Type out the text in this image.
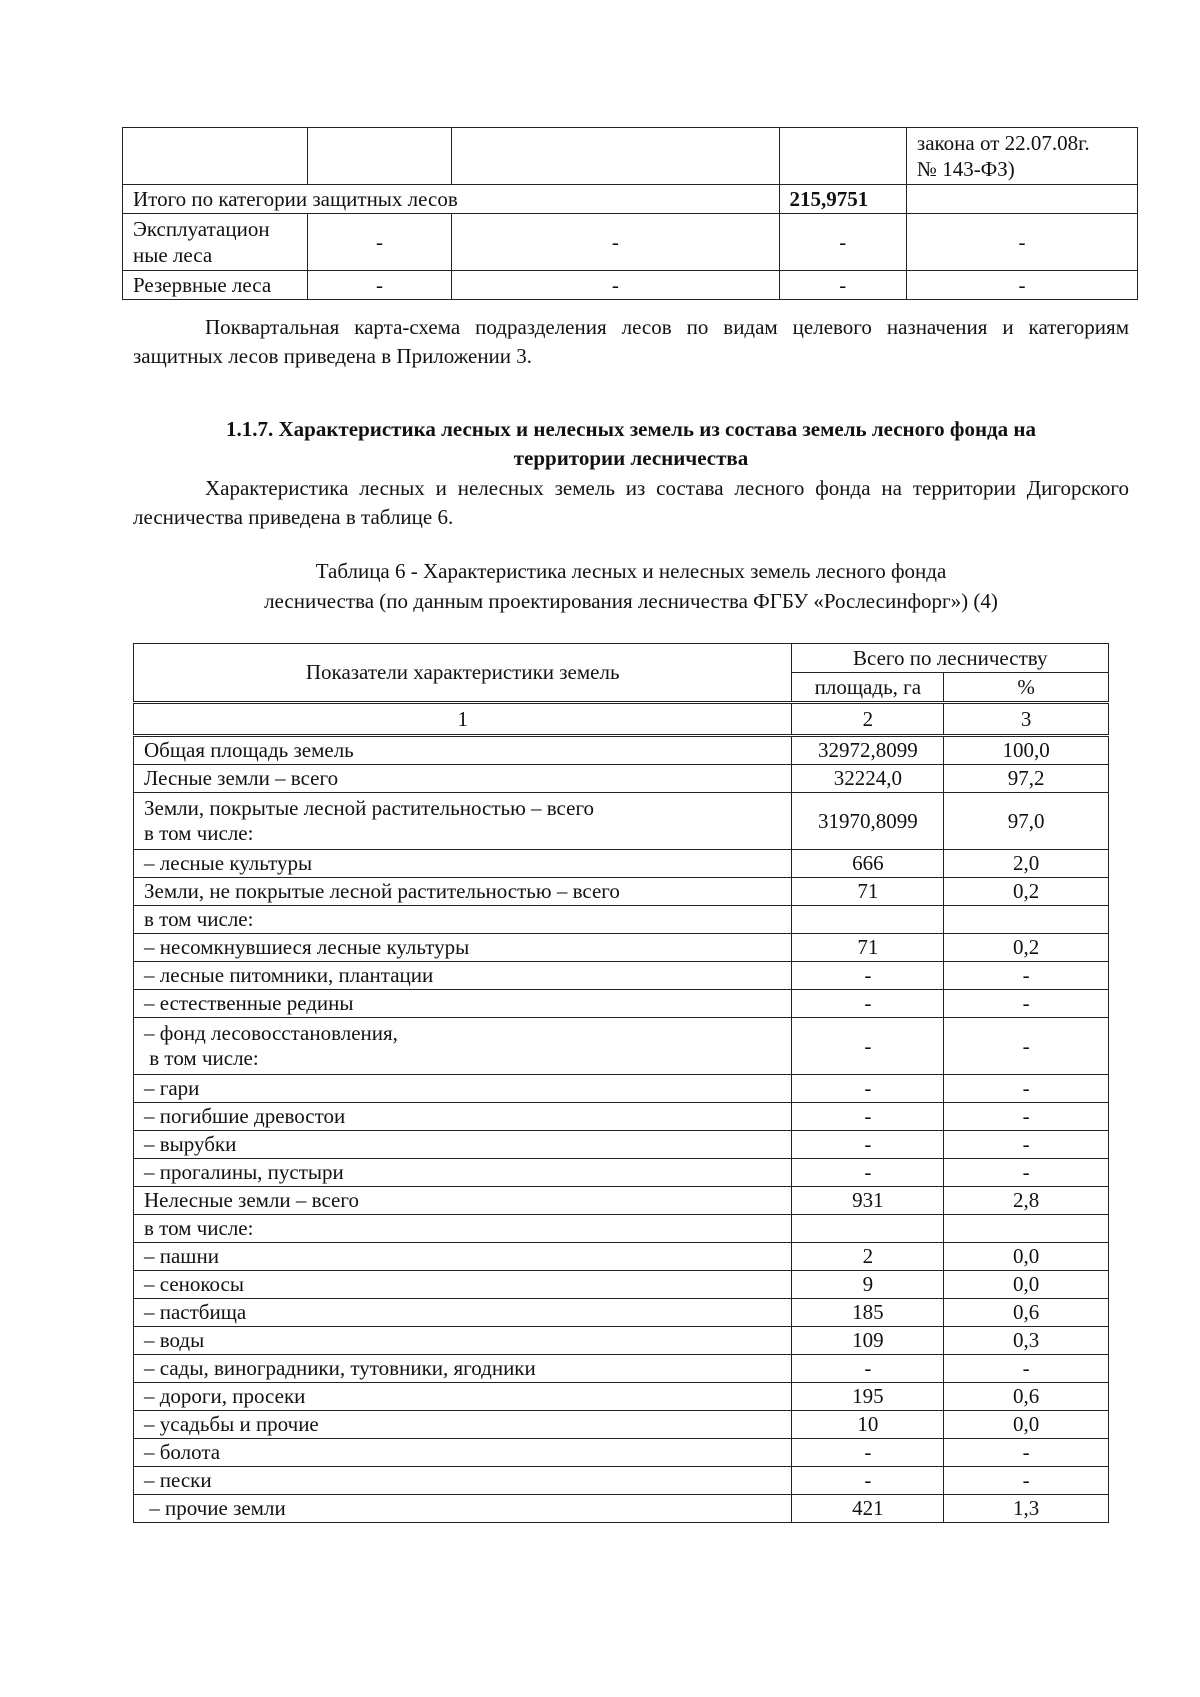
				закона от 22.07.08г.
№ 143-ФЗ)

Итого по категории защитных лесов			215,9751	

Эксплуатацион
ные леса	-	-	-	-
Резервные леса	-	-	-	-

Поквартальная карта-схема подразделения лесов по видам целевого назначения и категориям защитных лесов приведена в Приложении 3.

1.1.7. Характеристика лесных и нелесных земель из состава земель лесного фонда на
территории лесничества

Характеристика лесных и нелесных земель из состава лесного фонда на территории Дигорского лесничества приведена в таблице 6.

Таблица 6 - Характеристика лесных и нелесных земель лесного фонда
лесничества (по данным проектирования лесничества ФГБУ «Рослесинфорг») (4)
Показатели характеристики земель	Всего по лесничеству	
	площадь, га	%
1	2	3

Общая площадь земель	32972,8099	100,0

Лесные земли – всего	32224,0	97,2

Земли, покрытые лесной растительностью – всего
в том числе:	31970,8099	97,0

– лесные культуры	666	2,0

Земли, не покрытые лесной растительностью – всего	71	0,2

в том числе:		

– несомкнувшиеся лесные культуры	71	0,2

– лесные питомники, плантации	-	-

– естественные редины	-	-

– фонд лесовосстановления,
в том числе:	-	-

– гари	-	-

– погибшие древостои	-	-

– вырубки	-	-

– прогалины, пустыри	-	-

Нелесные земли – всего	931	2,8

в том числе:		

– пашни	2	0,0

– сенокосы	9	0,0

– пастбища	185	0,6

– воды	109	0,3

– сады, виноградники, тутовники, ягодники	-	-

– дороги, просеки	195	0,6

– усадьбы и прочие	10	0,0

– болота	-	-

– пески	-	-

– прочие земли	421	1,3
